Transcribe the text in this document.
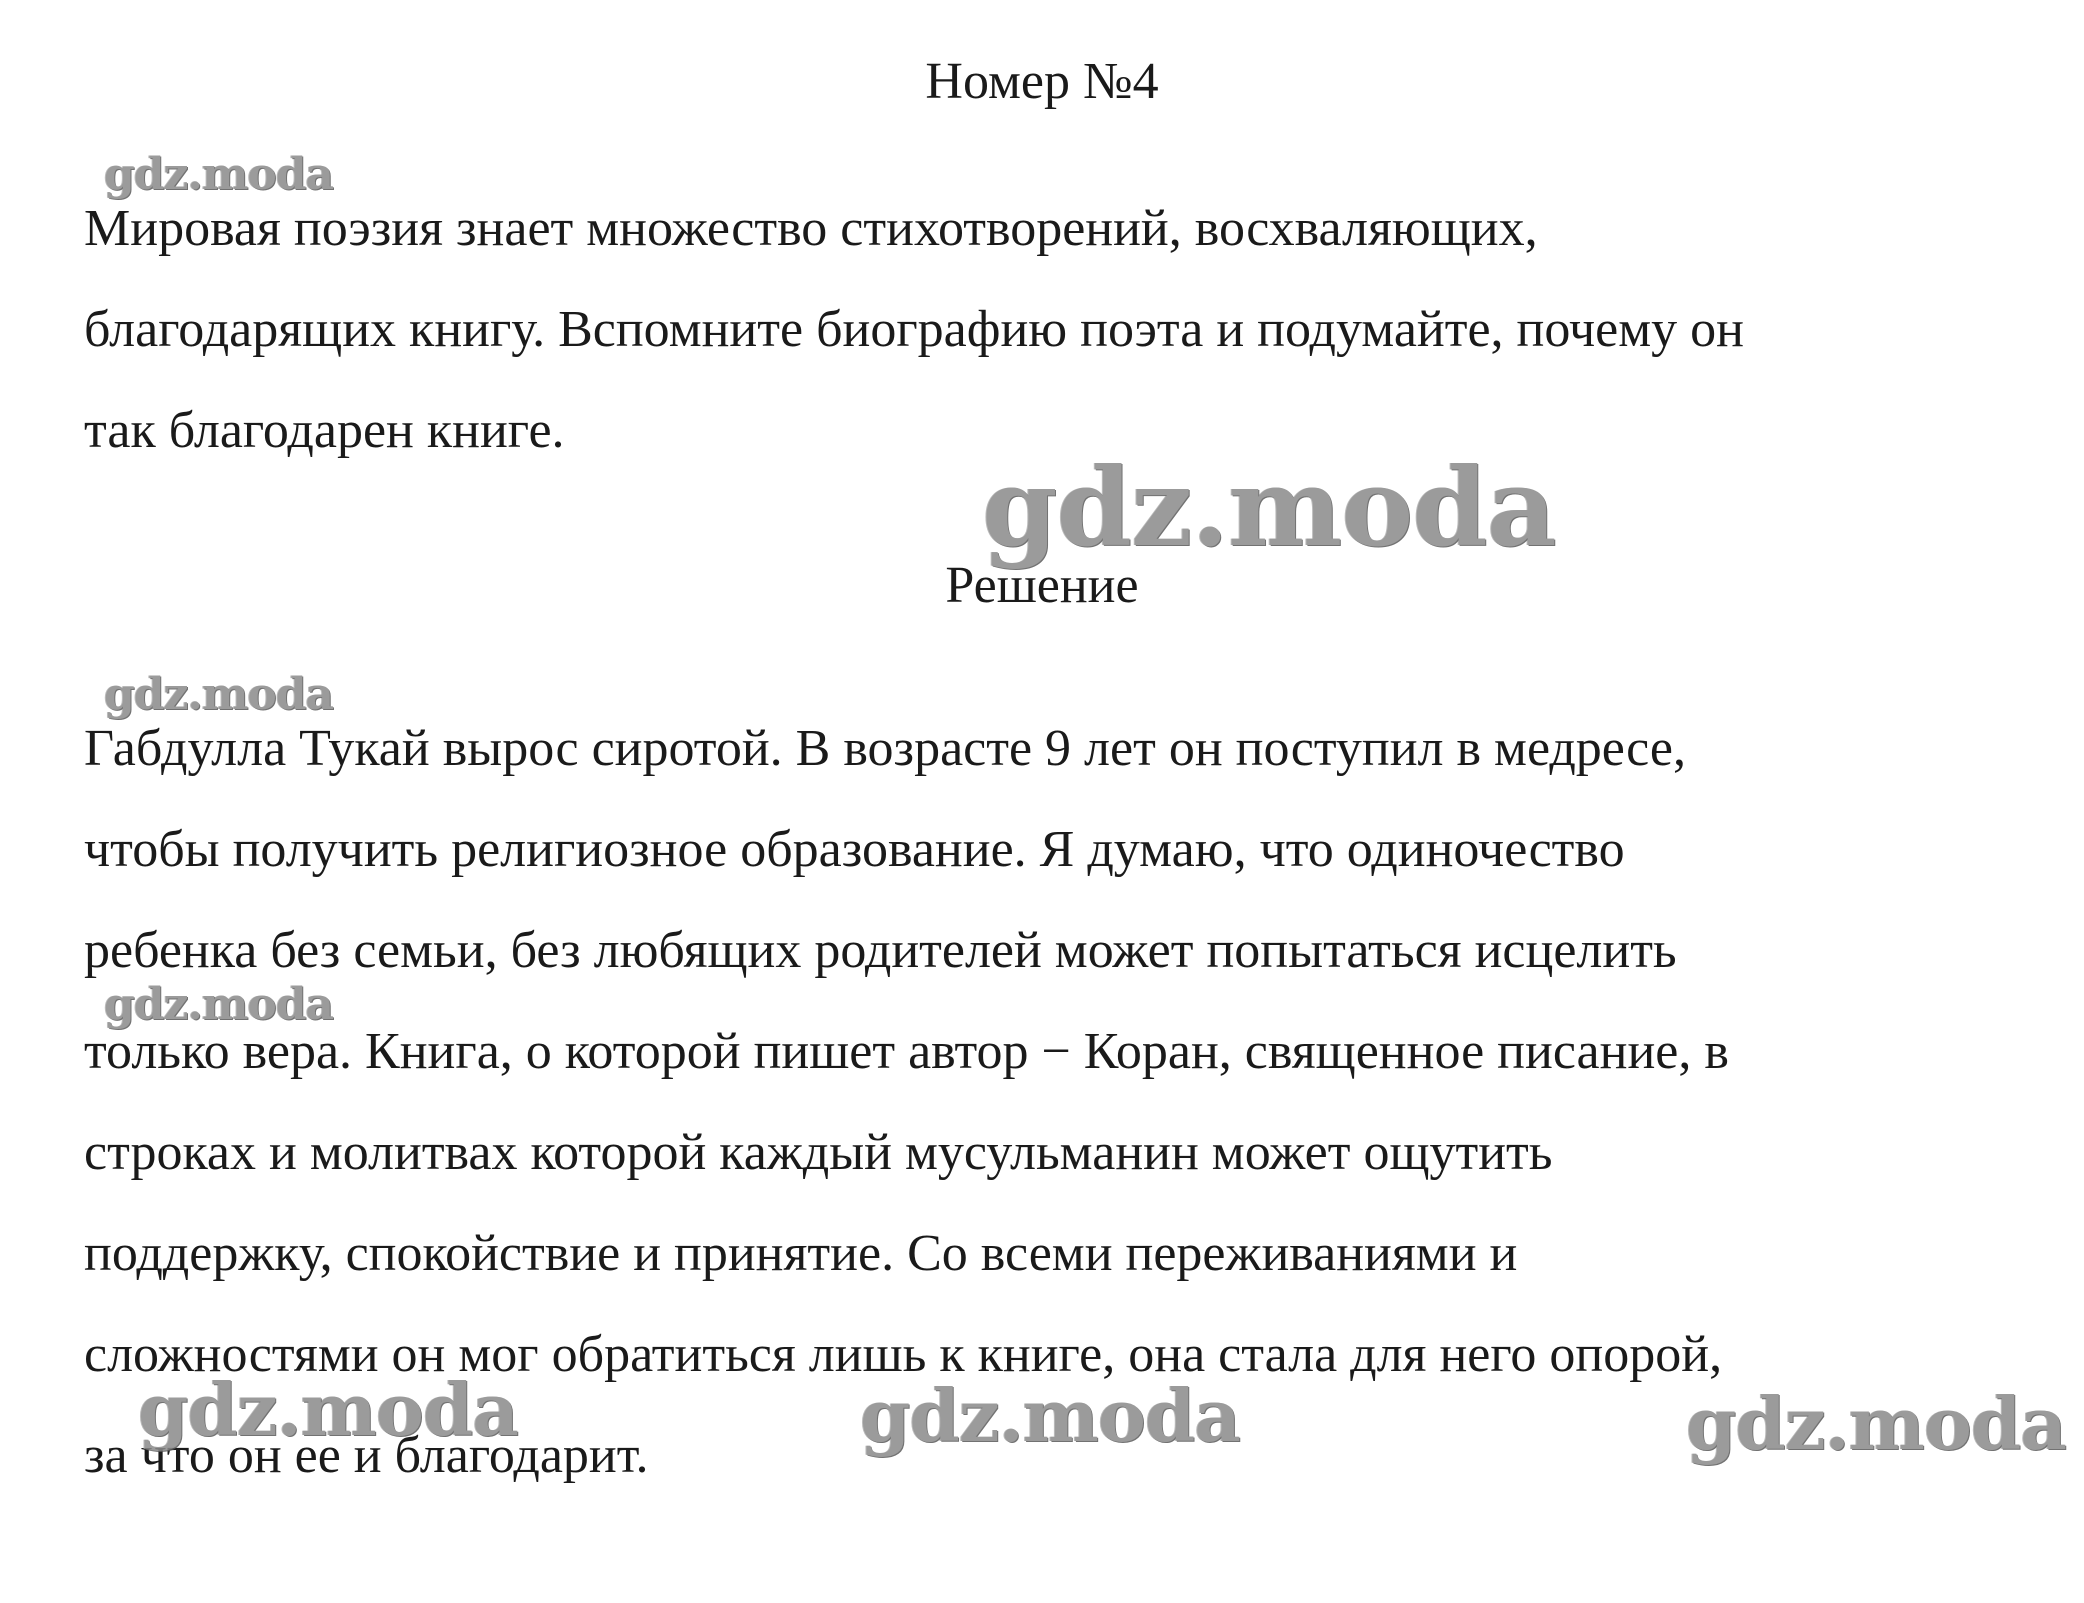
Номер №4
gdz.moda
Мировая поэзия знает множество стихотворений, восхваляющих,
благодарящих книгу. Вспомните биографию поэта и подумайте, почему он
так благодарен книге.
gdz.moda
Решение
gdz.moda
Габдулла Тукай вырос сиротой. В возрасте 9 лет он поступил в медресе,
чтобы получить религиозное образование. Я думаю, что одиночество
ребенка без семьи, без любящих родителей может попытаться исцелить
только вера. Книга, о которой пишет автор − Коран, священное писание, в
строках и молитвах которой каждый мусульманин может ощутить
поддержку, спокойствие и принятие. Со всеми переживаниями и
сложностями он мог обратиться лишь к книге, она стала для него опорой,
за что он ее и благодарит.
gdz.moda
gdz.moda	gdz.moda	gdz.moda
